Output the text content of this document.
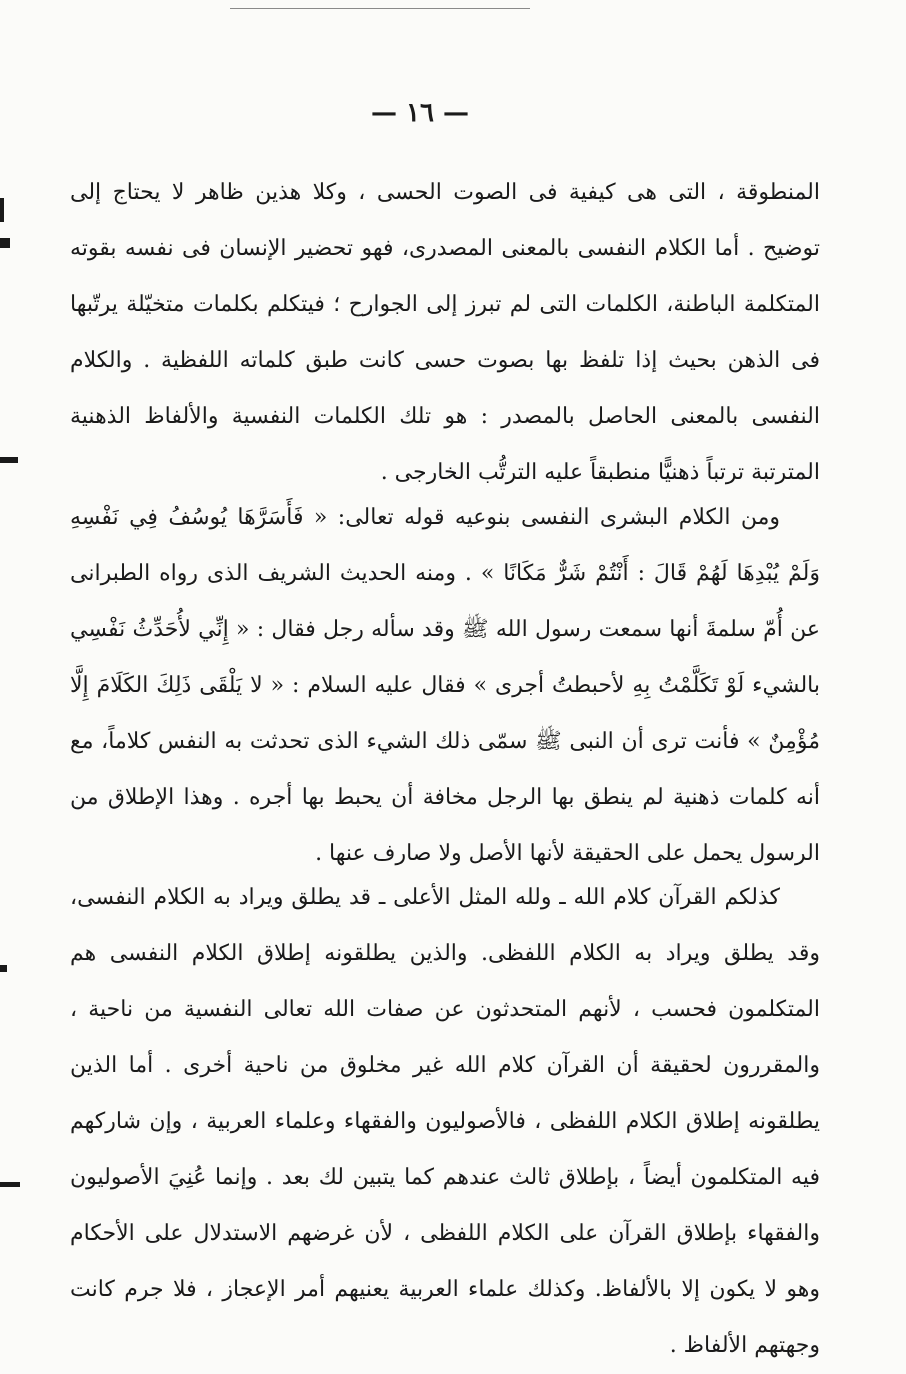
— ١٦ —

المنطوقة ، التى هى كيفية فى الصوت الحسى ، وكلا هذين ظاهر لا يحتاج إلى توضيح . أما الكلام النفسى بالمعنى المصدرى، فهو تحضير الإنسان فى نفسه بقوته المتكلمة الباطنة، الكلمات التى لم تبرز إلى الجوارح ؛ فيتكلم بكلمات متخيّلة يرتّبها فى الذهن بحيث إذا تلفظ بها بصوت حسى كانت طبق كلماته اللفظية . والكلام النفسى بالمعنى الحاصل بالمصدر : هو تلك الكلمات النفسية والألفاظ الذهنية المترتبة ترتباً ذهنيًّا منطبقاً عليه الترتُّب الخارجى .

ومن الكلام البشرى النفسى بنوعيه قوله تعالى: « فَأَسَرَّهَا يُوسُفُ فِي نَفْسِهِ وَلَمْ يُبْدِهَا لَهُمْ قَالَ : أَنْتُمْ شَرٌّ مَكَانًا » . ومنه الحديث الشريف الذى رواه الطبرانى عن أُمّ سلمةَ أنها سمعت رسول الله ﷺ وقد سأله رجل فقال : « إِنِّي لأُحَدِّثُ نَفْسِي بالشيء لَوْ تَكَلَّمْتُ بِهِ لأحبطتُ أجرى » فقال عليه السلام : « لا يَلْقَى ذَلِكَ الكَلَامَ إِلَّا مُؤْمِنٌ » فأنت ترى أن النبى ﷺ سمّى ذلك الشيء الذى تحدثت به النفس كلاماً، مع أنه كلمات ذهنية لم ينطق بها الرجل مخافة أن يحبط بها أجره . وهذا الإطلاق من الرسول يحمل على الحقيقة لأنها الأصل ولا صارف عنها .

كذلكم القرآن كلام الله ـ ولله المثل الأعلى ـ قد يطلق ويراد به الكلام النفسى، وقد يطلق ويراد به الكلام اللفظى. والذين يطلقونه إطلاق الكلام النفسى هم المتكلمون فحسب ، لأنهم المتحدثون عن صفات الله تعالى النفسية من ناحية ، والمقررون لحقيقة أن القرآن كلام الله غير مخلوق من ناحية أخرى . أما الذين يطلقونه إطلاق الكلام اللفظى ، فالأصوليون والفقهاء وعلماء العربية ، وإن شاركهم فيه المتكلمون أيضاً ، بإطلاق ثالث عندهم كما يتبين لك بعد . وإنما عُنِيَ الأصوليون والفقهاء بإطلاق القرآن على الكلام اللفظى ، لأن غرضهم الاستدلال على الأحكام وهو لا يكون إلا بالألفاظ. وكذلك علماء العربية يعنيهم أمر الإعجاز ، فلا جرم كانت وجهتهم الألفاظ .
